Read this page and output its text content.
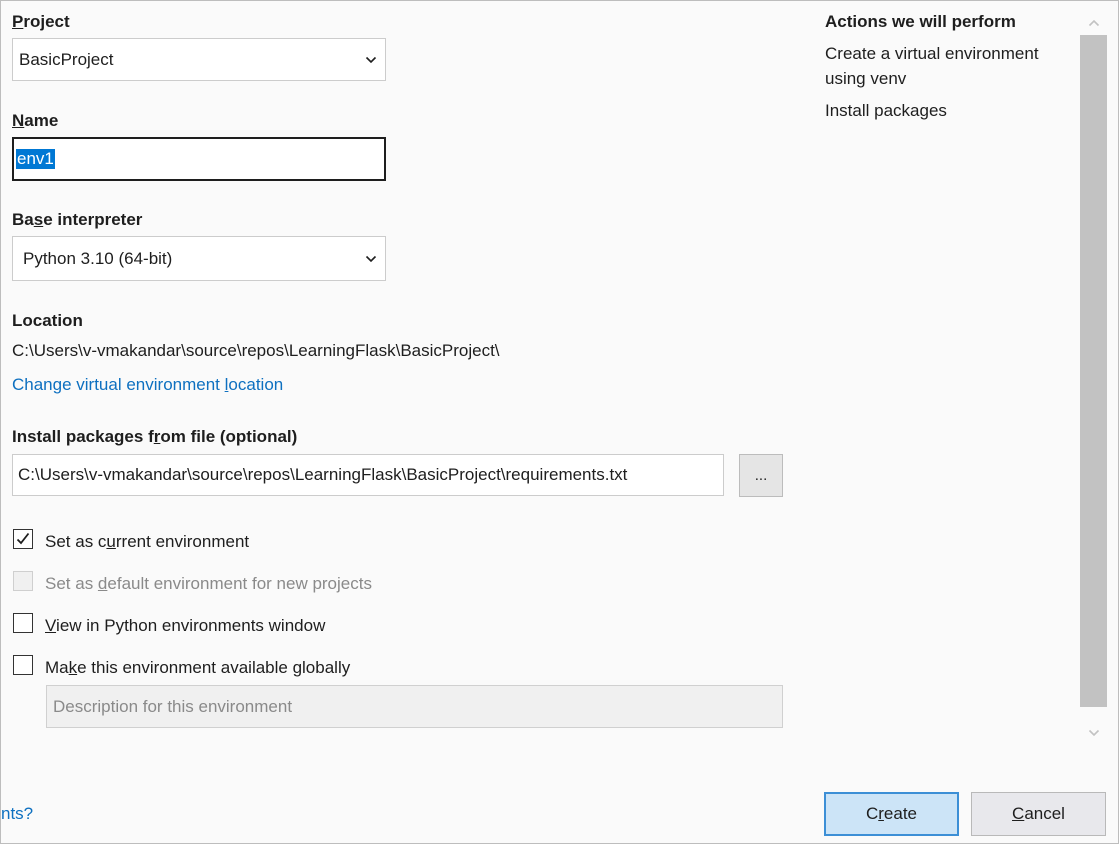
Project
BasicProject
Name
env1
Base interpreter
Python 3.10 (64-bit)
Location
C:\Users\v-vmakandar\source\repos\LearningFlask\BasicProject\
Change virtual environment location
Install packages from file (optional)
C:\Users\v-vmakandar\source\repos\LearningFlask\BasicProject\requirements.txt	...
Set as current environment
Set as default environment for new projects
View in Python environments window
Make this environment available globally
Description for this environment
Actions we will perform
Create a virtual environment
using venv
Install packages
nts?	Create	Cancel
